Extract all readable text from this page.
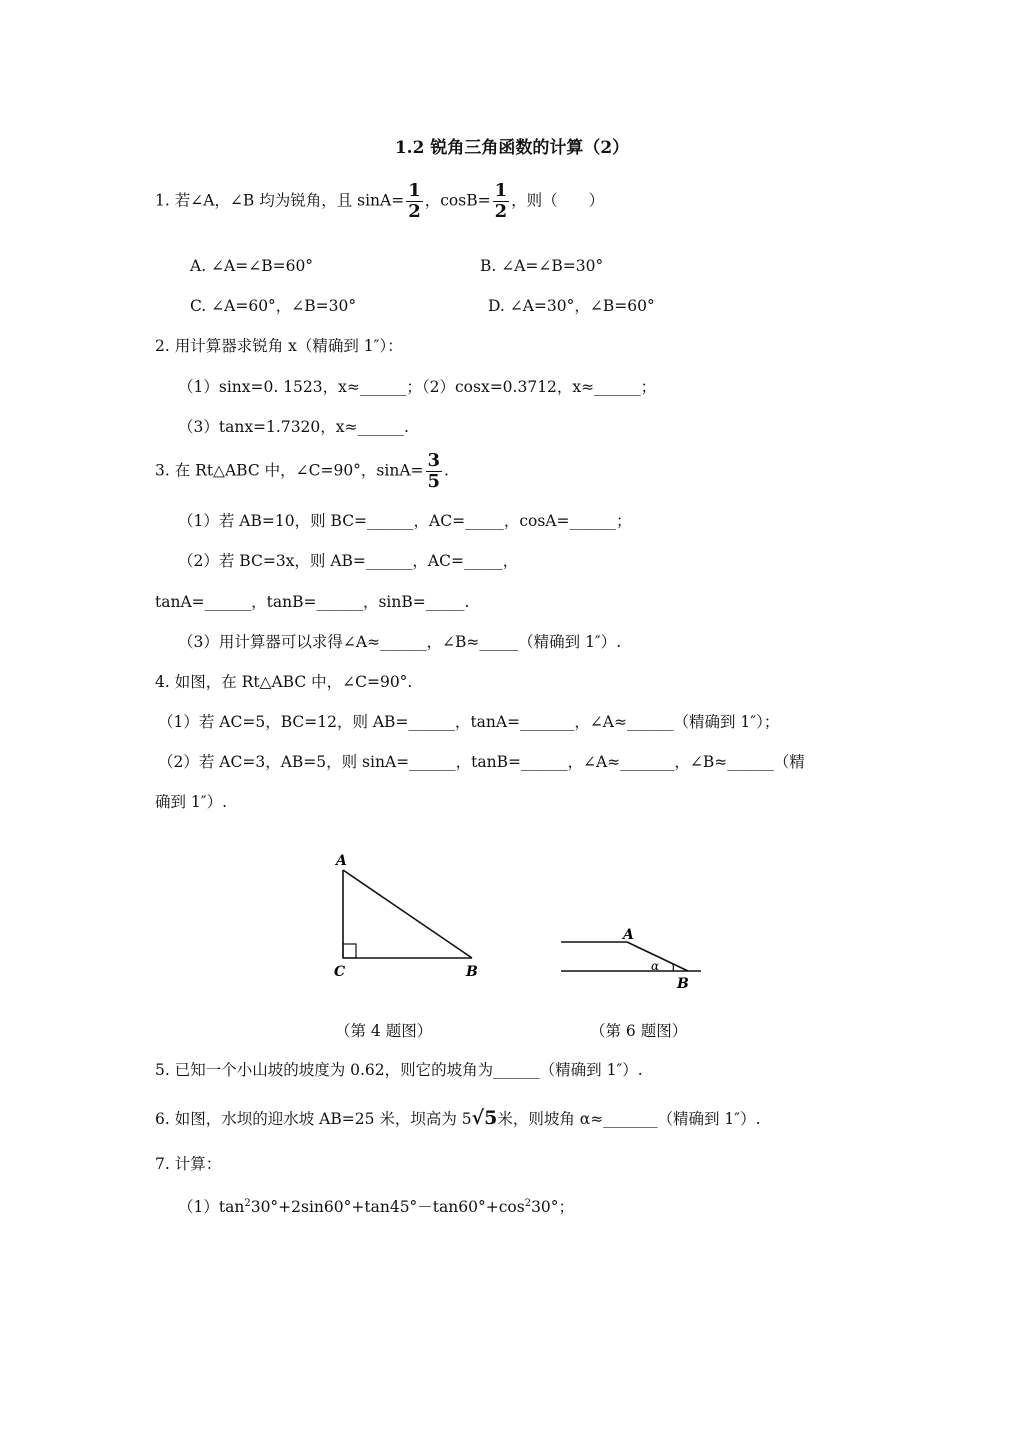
1.2 锐角三角函数的计算（2）
1. 若∠A，∠B 均为锐角，且 $\sin A= \frac{1}{2}$ ，$\cos B= \frac{1}{2}$ ，则（　　）
A. ∠A=∠B=60°	B. ∠A=∠B=30°
C. ∠A=60°，∠B=30°	D. ∠A=30°，∠B=60°
2. 用计算器求锐角 x（精确到 1″）：
（1）sinx=0. 1523，x≈______；（2）cosx=0.3712，x≈______；
（3）tanx=1.7320，x≈______.
3. 在 Rt△ABC 中，∠C=90°，$\sin A= \frac{3}{5}$ .
（1）若 AB=10，则 BC=______，AC=_____，cosA=______；
（2）若 BC=3x，则 AB=______，AC=_____，
tanA=______，tanB=______，sinB=_____.
（3）用计算器可以求得∠A≈______，∠B≈_____（精确到 1″）.
4. 如图，在 Rt△ABC 中，∠C=90°.
（1）若 AC=5，BC=12，则 AB=______，tanA=_______，∠A≈______（精确到 1″）；
（2）若 AC=3，AB=5，则 sinA=______，tanB=______，∠A≈_______，∠B≈______（精
确到 1″）.
A
C	B
A
B
α
（第 4 题图）	（第 6 题图）
5. 已知一个小山坡的坡度为 0.62，则它的坡角为______（精确到 1″）.
6. 如图，水坝的迎水坡 AB=25 米，坝高为 5√5米，则坡角 α≈_______（精确到 1″）.
7. 计算：
$(1)\tan^230^\circ+2\sin 60^\circ+\tan 45^\circ-\tan 60^\circ+\cos^230^\circ$；
